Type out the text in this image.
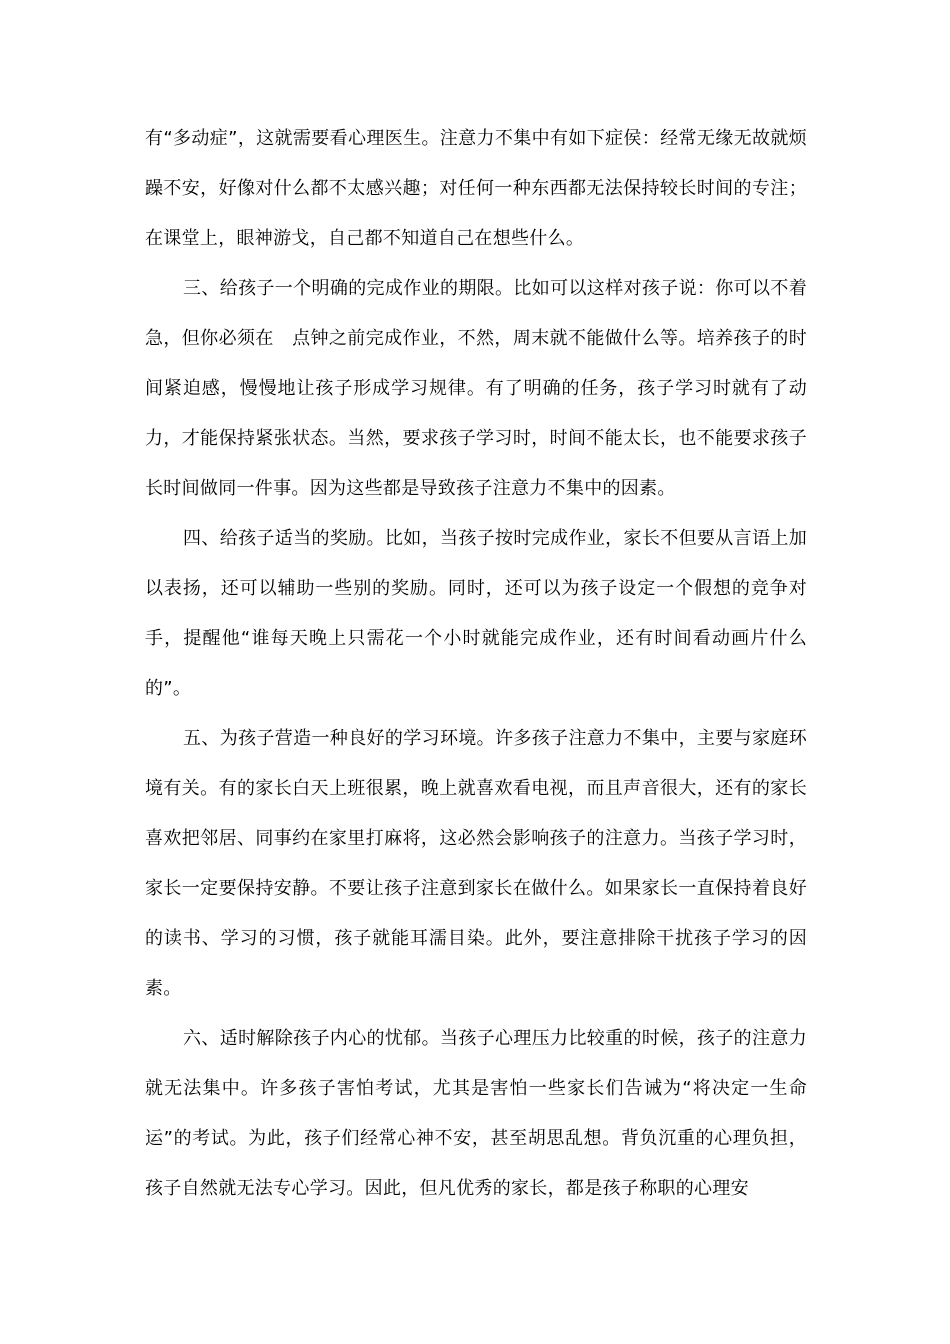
有“多动症”，这就需要看心理医生。注意力不集中有如下症侯：经常无缘无故就烦躁不安，好像对什么都不太感兴趣；对任何一种东西都无法保持较长时间的专注；在课堂上，眼神游戈，自己都不知道自己在想些什么。

三、给孩子一个明确的完成作业的期限。比如可以这样对孩子说：你可以不着急，但你必须在　点钟之前完成作业，不然，周末就不能做什么等。培养孩子的时间紧迫感，慢慢地让孩子形成学习规律。有了明确的任务，孩子学习时就有了动力，才能保持紧张状态。当然，要求孩子学习时，时间不能太长，也不能要求孩子长时间做同一件事。因为这些都是导致孩子注意力不集中的因素。

四、给孩子适当的奖励。比如，当孩子按时完成作业，家长不但要从言语上加以表扬，还可以辅助一些别的奖励。同时，还可以为孩子设定一个假想的竞争对手，提醒他“谁每天晚上只需花一个小时就能完成作业，还有时间看动画片什么的”。

五、为孩子营造一种良好的学习环境。许多孩子注意力不集中，主要与家庭环境有关。有的家长白天上班很累，晚上就喜欢看电视，而且声音很大，还有的家长喜欢把邻居、同事约在家里打麻将，这必然会影响孩子的注意力。当孩子学习时，家长一定要保持安静。不要让孩子注意到家长在做什么。如果家长一直保持着良好的读书、学习的习惯，孩子就能耳濡目染。此外，要注意排除干扰孩子学习的因素。

六、适时解除孩子内心的忧郁。当孩子心理压力比较重的时候，孩子的注意力就无法集中。许多孩子害怕考试，尤其是害怕一些家长们告诫为“将决定一生命运”的考试。为此，孩子们经常心神不安，甚至胡思乱想。背负沉重的心理负担，孩子自然就无法专心学习。因此，但凡优秀的家长，都是孩子称职的心理安
